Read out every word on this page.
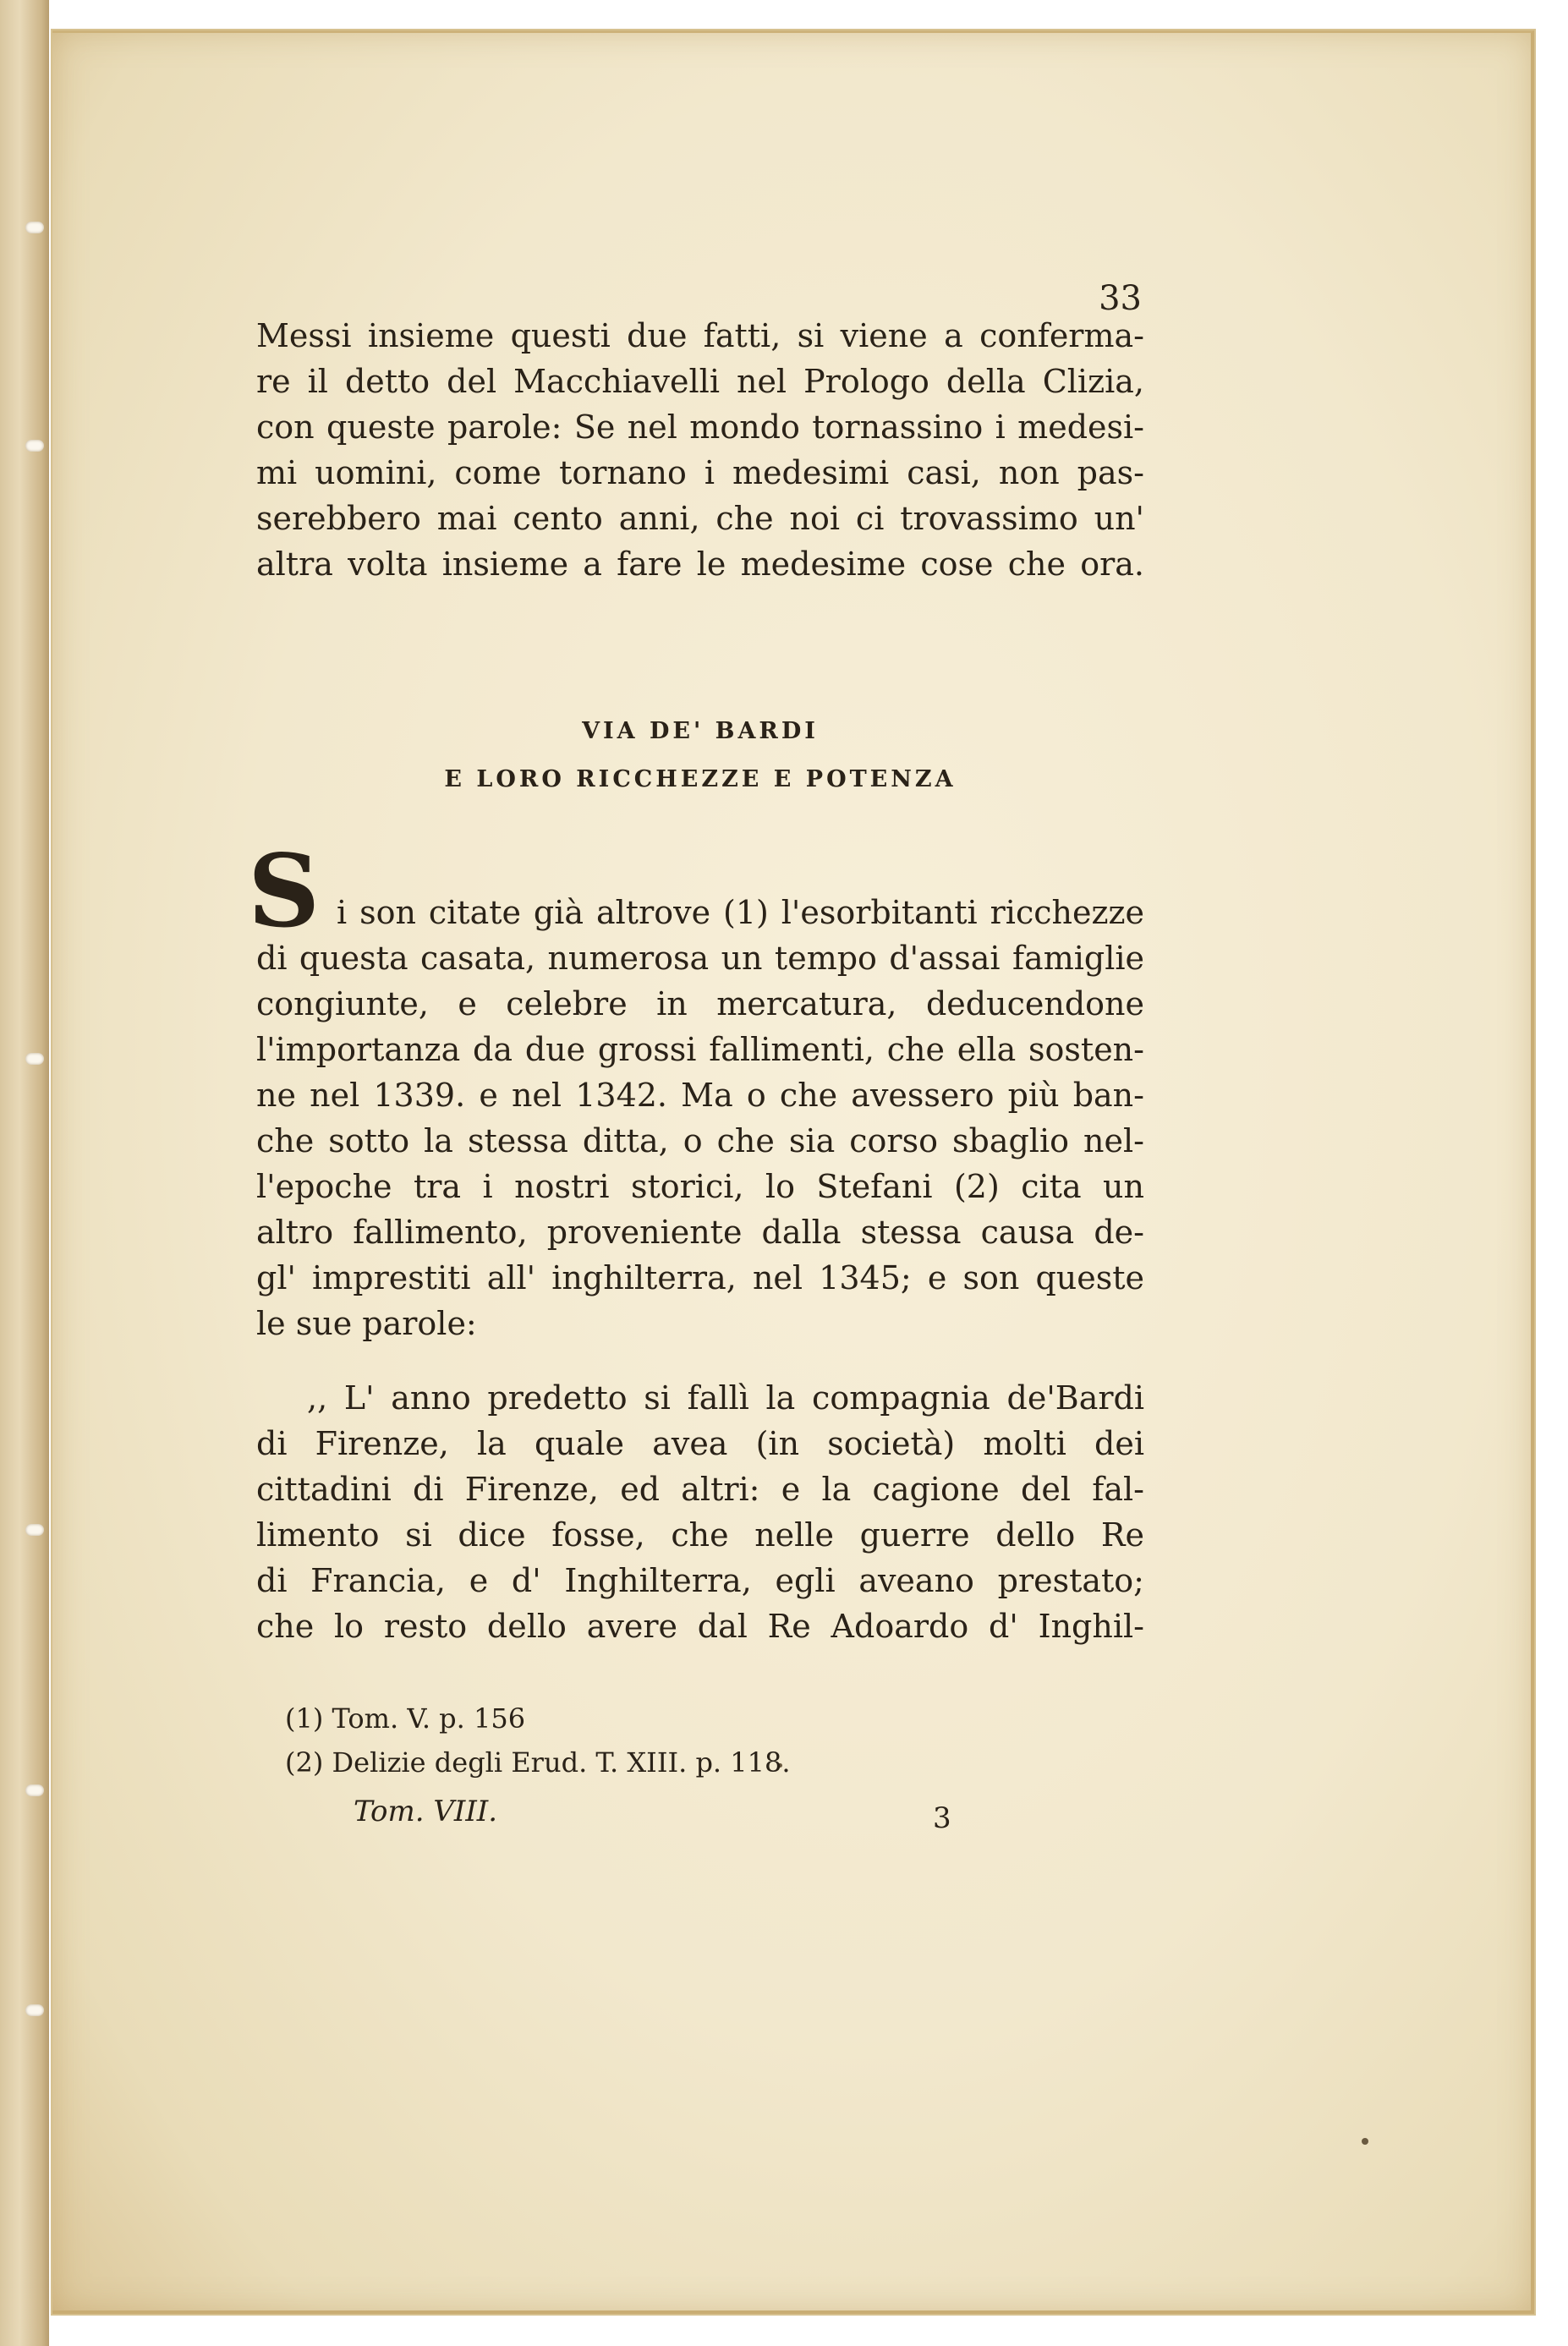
33
Messi insieme questi due fatti, si viene a conferma-
re il detto del Macchiavelli nel Prologo della Clizia,
con queste parole: Se nel mondo tornassino i medesi-
mi uomini, come tornano i medesimi casi, non pas-
serebbero mai cento anni, che noi ci trovassimo un'
altra volta insieme a fare le medesime cose che ora.
VIA DE' BARDI
E LORO RICCHEZZE E POTENZA
S i son citate già altrove (1) l'esorbitanti ricchezze
di questa casata, numerosa un tempo d'assai famiglie
congiunte, e celebre in mercatura, deducendone
l'importanza da due grossi fallimenti, che ella sosten-
ne nel 1339. e nel 1342. Ma o che avessero più ban-
che sotto la stessa ditta, o che sia corso sbaglio nel-
l'epoche tra i nostri storici, lo Stefani (2) cita un
altro fallimento, proveniente dalla stessa causa de-
gl' imprestiti all' inghilterra, nel 1345; e son queste
le sue parole:
,, L' anno predetto si fallì la compagnia de'Bardi
di Firenze, la quale avea (in società) molti dei
cittadini di Firenze, ed altri: e la cagione del fal-
limento si dice fosse, che nelle guerre dello Re
di Francia, e d' Inghilterra, egli aveano prestato;
che lo resto dello avere dal Re Adoardo d' Inghil-
(1) Tom. V. p. 156
(2) Delizie degli Erud. T. XIII. p. 118.
Tom. VIII.	3
